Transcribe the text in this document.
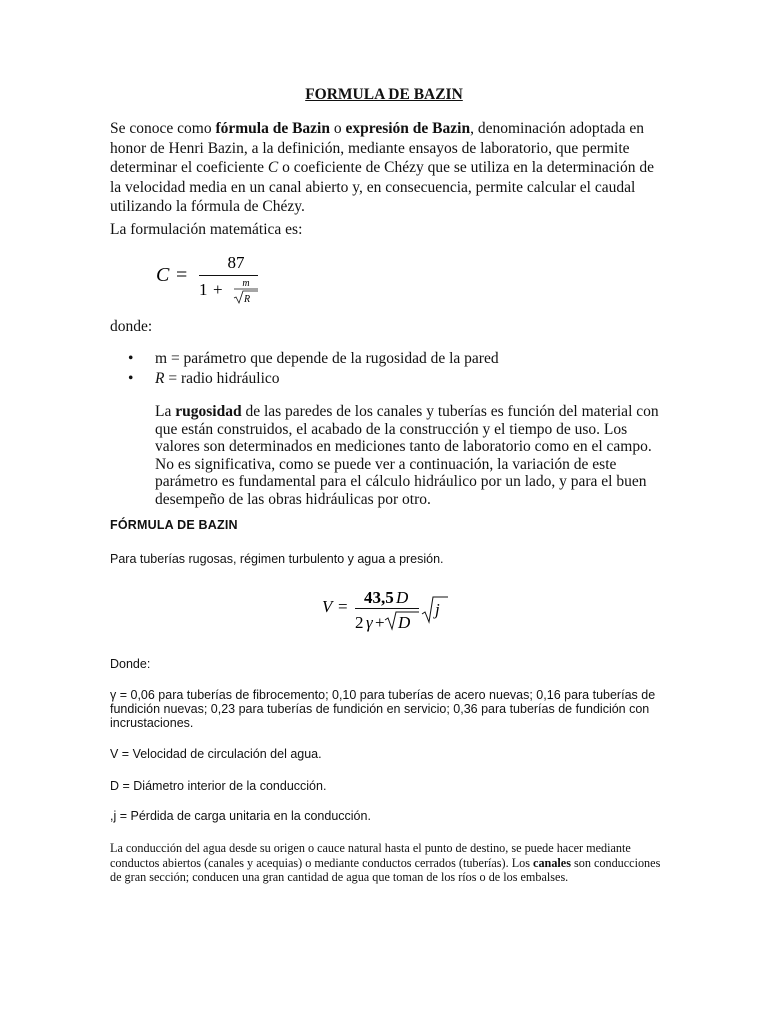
FORMULA DE BAZIN
Se conoce como fórmula de Bazin o expresión de Bazin, denominación adoptada en honor de Henri Bazin, a la definición, mediante ensayos de laboratorio, que permite determinar el coeficiente C o coeficiente de Chézy que se utiliza en la determinación de la velocidad media en un canal abierto y, en consecuencia, permite calcular el caudal utilizando la fórmula de Chézy.
La formulación matemática es:
C =
87
1 + m
R
donde:
• m = parámetro que depende de la rugosidad de la pared
• R = radio hidráulico
La rugosidad de las paredes de los canales y tuberías es función del material con que están construidos, el acabado de la construcción y el tiempo de uso. Los valores son determinados en mediciones tanto de laboratorio como en el campo. No es significativa, como se puede ver a continuación, la variación de este parámetro es fundamental para el cálculo hidráulico por un lado, y para el buen desempeño de las obras hidráulicas por otro.
FÓRMULA DE BAZIN
Para tuberías rugosas, régimen turbulento y agua a presión.
V = 43,5 D
2 γ + D
j
Donde:
γ = 0,06 para tuberías de fibrocemento; 0,10 para tuberías de acero nuevas; 0,16 para tuberías de fundición nuevas; 0,23 para tuberías de fundición en servicio; 0,36 para tuberías de fundición con incrustaciones.
V = Velocidad de circulación del agua.
D = Diámetro interior de la conducción.
,j = Pérdida de carga unitaria en la conducción.
La conducción del agua desde su origen o cauce natural hasta el punto de destino, se puede hacer mediante conductos abiertos (canales y acequias) o mediante conductos cerrados (tuberías). Los canales son conducciones de gran sección; conducen una gran cantidad de agua que toman de los ríos o de los embalses.
